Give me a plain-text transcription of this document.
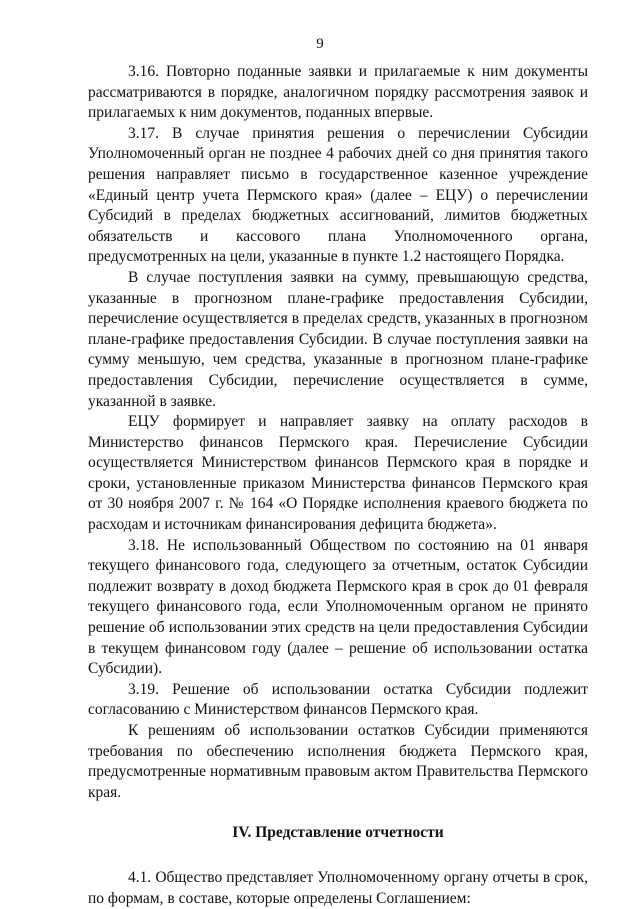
9

3.16. Повторно поданные заявки и прилагаемые к ним документы рассматриваются в порядке, аналогичном порядку рассмотрения заявок и прилагаемых к ним документов, поданных впервые.

3.17. В случае принятия решения о перечислении Субсидии Уполномоченный орган не позднее 4 рабочих дней со дня принятия такого решения направляет письмо в государственное казенное учреждение «Единый центр учета Пермского края» (далее – ЕЦУ) о перечислении Субсидий в пределах бюджетных ассигнований, лимитов бюджетных обязательств и кассового плана Уполномоченного органа, предусмотренных на цели, указанные в пункте 1.2 настоящего Порядка.

В случае поступления заявки на сумму, превышающую средства, указанные в прогнозном плане-графике предоставления Субсидии, перечисление осуществляется в пределах средств, указанных в прогнозном плане-графике предоставления Субсидии. В случае поступления заявки на сумму меньшую, чем средства, указанные в прогнозном плане-графике предоставления Субсидии, перечисление осуществляется в сумме, указанной в заявке.

ЕЦУ формирует и направляет заявку на оплату расходов в Министерство финансов Пермского края. Перечисление Субсидии осуществляется Министерством финансов Пермского края в порядке и сроки, установленные приказом Министерства финансов Пермского края от 30 ноября 2007 г. № 164 «О Порядке исполнения краевого бюджета по расходам и источникам финансирования дефицита бюджета».

3.18. Не использованный Обществом по состоянию на 01 января текущего финансового года, следующего за отчетным, остаток Субсидии подлежит возврату в доход бюджета Пермского края в срок до 01 февраля текущего финансового года, если Уполномоченным органом не принято решение об использовании этих средств на цели предоставления Субсидии в текущем финансовом году (далее – решение об использовании остатка Субсидии).

3.19. Решение об использовании остатка Субсидии подлежит согласованию с Министерством финансов Пермского края.

К решениям об использовании остатков Субсидии применяются требования по обеспечению исполнения бюджета Пермского края, предусмотренные нормативным правовым актом Правительства Пермского края.

IV. Представление отчетности

4.1. Общество представляет Уполномоченному органу отчеты в срок, по формам, в составе, которые определены Соглашением:
